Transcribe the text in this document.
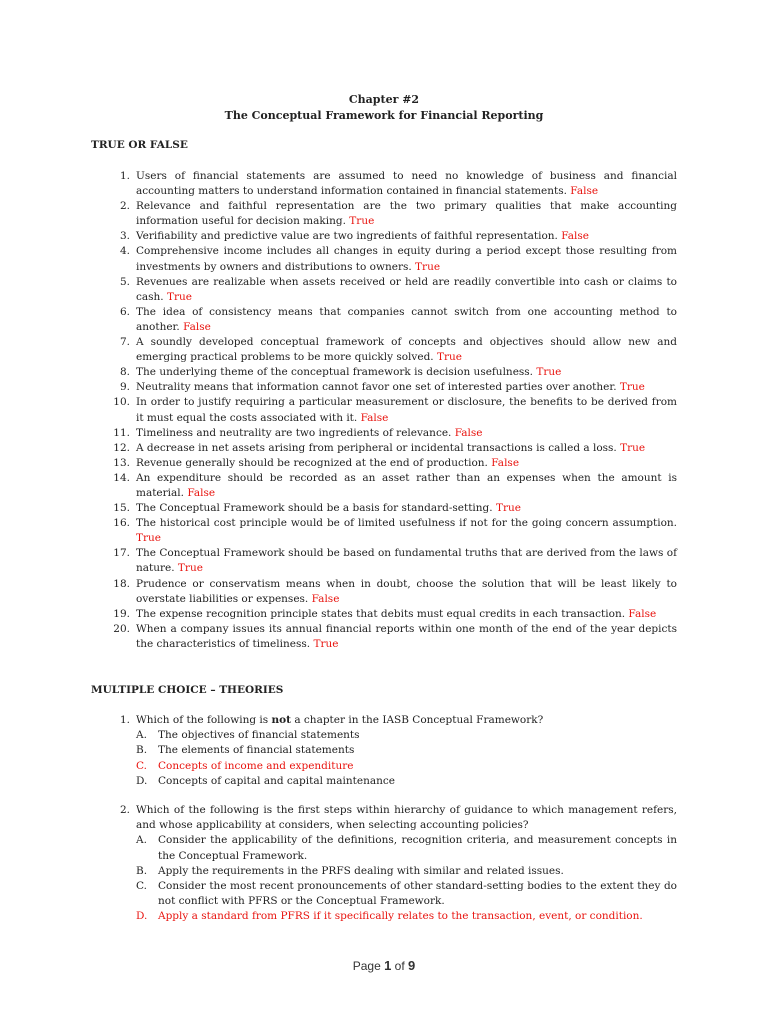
Chapter #2
The Conceptual Framework for Financial Reporting
TRUE OR FALSE
1. Users of financial statements are assumed to need no knowledge of business and financial accounting matters to understand information contained in financial statements. False
2. Relevance and faithful representation are the two primary qualities that make accounting information useful for decision making. True
3. Verifiability and predictive value are two ingredients of faithful representation. False
4. Comprehensive income includes all changes in equity during a period except those resulting from investments by owners and distributions to owners. True
5. Revenues are realizable when assets received or held are readily convertible into cash or claims to cash. True
6. The idea of consistency means that companies cannot switch from one accounting method to another. False
7. A soundly developed conceptual framework of concepts and objectives should allow new and emerging practical problems to be more quickly solved. True
8. The underlying theme of the conceptual framework is decision usefulness. True
9. Neutrality means that information cannot favor one set of interested parties over another. True
10. In order to justify requiring a particular measurement or disclosure, the benefits to be derived from it must equal the costs associated with it. False
11. Timeliness and neutrality are two ingredients of relevance. False
12. A decrease in net assets arising from peripheral or incidental transactions is called a loss. True
13. Revenue generally should be recognized at the end of production. False
14. An expenditure should be recorded as an asset rather than an expenses when the amount is material. False
15. The Conceptual Framework should be a basis for standard-setting. True
16. The historical cost principle would be of limited usefulness if not for the going concern assumption. True
17. The Conceptual Framework should be based on fundamental truths that are derived from the laws of nature. True
18. Prudence or conservatism means when in doubt, choose the solution that will be least likely to overstate liabilities or expenses. False
19. The expense recognition principle states that debits must equal credits in each transaction. False
20. When a company issues its annual financial reports within one month of the end of the year depicts the characteristics of timeliness. True
MULTIPLE CHOICE – THEORIES
1. Which of the following is not a chapter in the IASB Conceptual Framework?
A. The objectives of financial statements
B. The elements of financial statements
C. Concepts of income and expenditure
D. Concepts of capital and capital maintenance
2. Which of the following is the first steps within hierarchy of guidance to which management refers, and whose applicability at considers, when selecting accounting policies?
A. Consider the applicability of the definitions, recognition criteria, and measurement concepts in the Conceptual Framework.
B. Apply the requirements in the PRFS dealing with similar and related issues.
C. Consider the most recent pronouncements of other standard-setting bodies to the extent they do not conflict with PFRS or the Conceptual Framework.
D. Apply a standard from PFRS if it specifically relates to the transaction, event, or condition.
Page 1 of 9
